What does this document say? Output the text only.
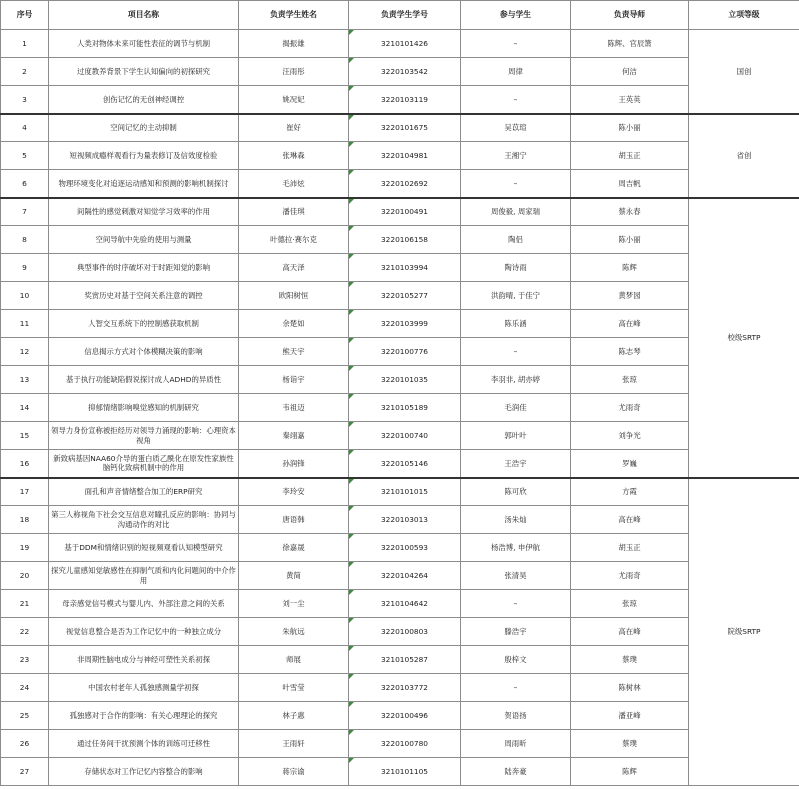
序号	项目名称	负责学生姓名	负责学生学号	参与学生	负责导师	立项等级
1	人类对物体未来可能性表征的调节与机制	揭振雄	3210101426	–	陈辉、官辰箫	国创
2	过度教养背景下学生认知偏向的初探研究	汪雨彤	3220103542	周律	何洁	
3	创伤记忆的无创神经调控	姚况妃	3220103119	–	王英英	
4	空间记忆的主动抑制	崔好	3220101675	吴苡瑄	陈小丽	省创
5	短视频成瘾样观看行为量表修订及信效度检验	张琳森	3220104981	王湘宁	胡玉正	
6	物理环境变化对追逐运动感知和预测的影响机制探讨	毛沛炫	3220102692	–	周吉帆	
7	间隔性的感觉刺激对知觉学习效率的作用	潘佳琪	3220100491	周俊毅, 周家瑞	蔡永春	校级SRTP
8	空间导航中先验的使用与测量	叶德拉·赛尔克	3220106158	陶侣	陈小丽	
9	典型事件的时序破坏对于时距知觉的影响	高天泽	3210103994	陶诗雨	陈辉	
10	奖赏历史对基于空间关系注意的调控	欧阳树恒	3220105277	洪韵晴, 于佳宁	黄梦园	
11	人智交互系统下的控制感获取机制	余楚如	3220103999	陈乐涵	高在峰	
12	信息揭示方式对个体模糊决策的影响	熊天宇	3220100776	–	陈志琴	
13	基于执行功能缺陷假说探讨成人ADHD的异质性	杨诣宇	3220101035	李羽非, 胡亦婷	张琼	
14	抑郁情绪影响嗅觉感知的机制研究	韦祖迈	3210105189	毛润佳	尤雨奇	
15	领导力身份宣称被拒经历对领导力涌现的影响：心理资本视角	秦翊嘉	3220100740	郭叶叶	刘争光	
16	新致病基因NAA60介导的蛋白质乙酰化在原发性家族性脑钙化致病机制中的作用	孙润锋	3220105146	王浩宇	罗巍	
17	面孔和声音情绪整合加工的ERP研究	李玲安	3210101015	陈可欣	方霞	院级SRTP
18	第三人称视角下社会交互信息对瞳孔反应的影响：协同与沟通动作的对比	唐语韩	3220103013	汤朱灿	高在峰	
19	基于DDM和情绪识别的短视频观看认知模型研究	徐嘉晟	3220100593	杨浩博, 申伊航	胡玉正	
20	探究儿童感知觉敏感性在抑制气质和内化问题间的中介作用	黄简	3220104264	张清昊	尤雨奇	
21	母亲感觉信号模式与婴儿内、外部注意之间的关系	刘一尘	3210104642	–	张琼	
22	视觉信息整合是否为工作记忆中的一种独立成分	朱航远	3220100803	滕浩宇	高在峰	
23	非周期性脑电成分与神经可塑性关系初探	师展	3210105287	殷梓文	蔡璞	
24	中国农村老年人孤独感测量学初探	叶雪莹	3220103772	–	陈树林	
25	孤独感对于合作的影响：有关心理理论的探究	林子惠	3220100496	贺语扬	潘亚峰	
26	通过任务间干扰预测个体的训练可迁移性	王雨轩	3220100780	周雨昕	蔡璞	
27	存储状态对工作记忆内容整合的影响	蒋宗谕	3210101105	陆奔豪	陈辉	
